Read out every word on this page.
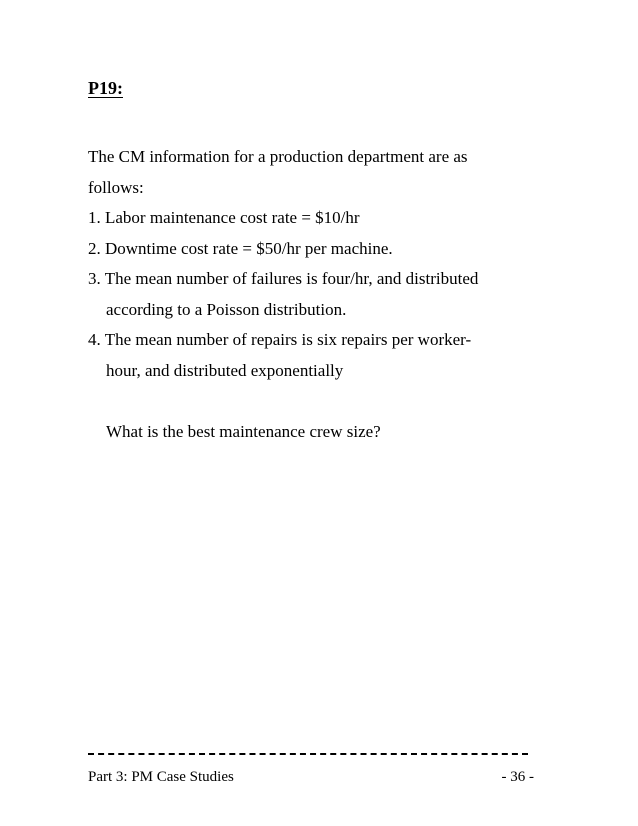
P19:
The CM information for a production department are as
follows:
1. Labor maintenance cost rate = $10/hr
2. Downtime cost rate = $50/hr per machine.
3. The mean number of failures is four/hr, and distributed
according to a Poisson distribution.
4. The mean number of repairs is six repairs per worker-
hour, and distributed exponentially
What is the best maintenance crew size?
Part 3: PM Case Studies	- 36 -
